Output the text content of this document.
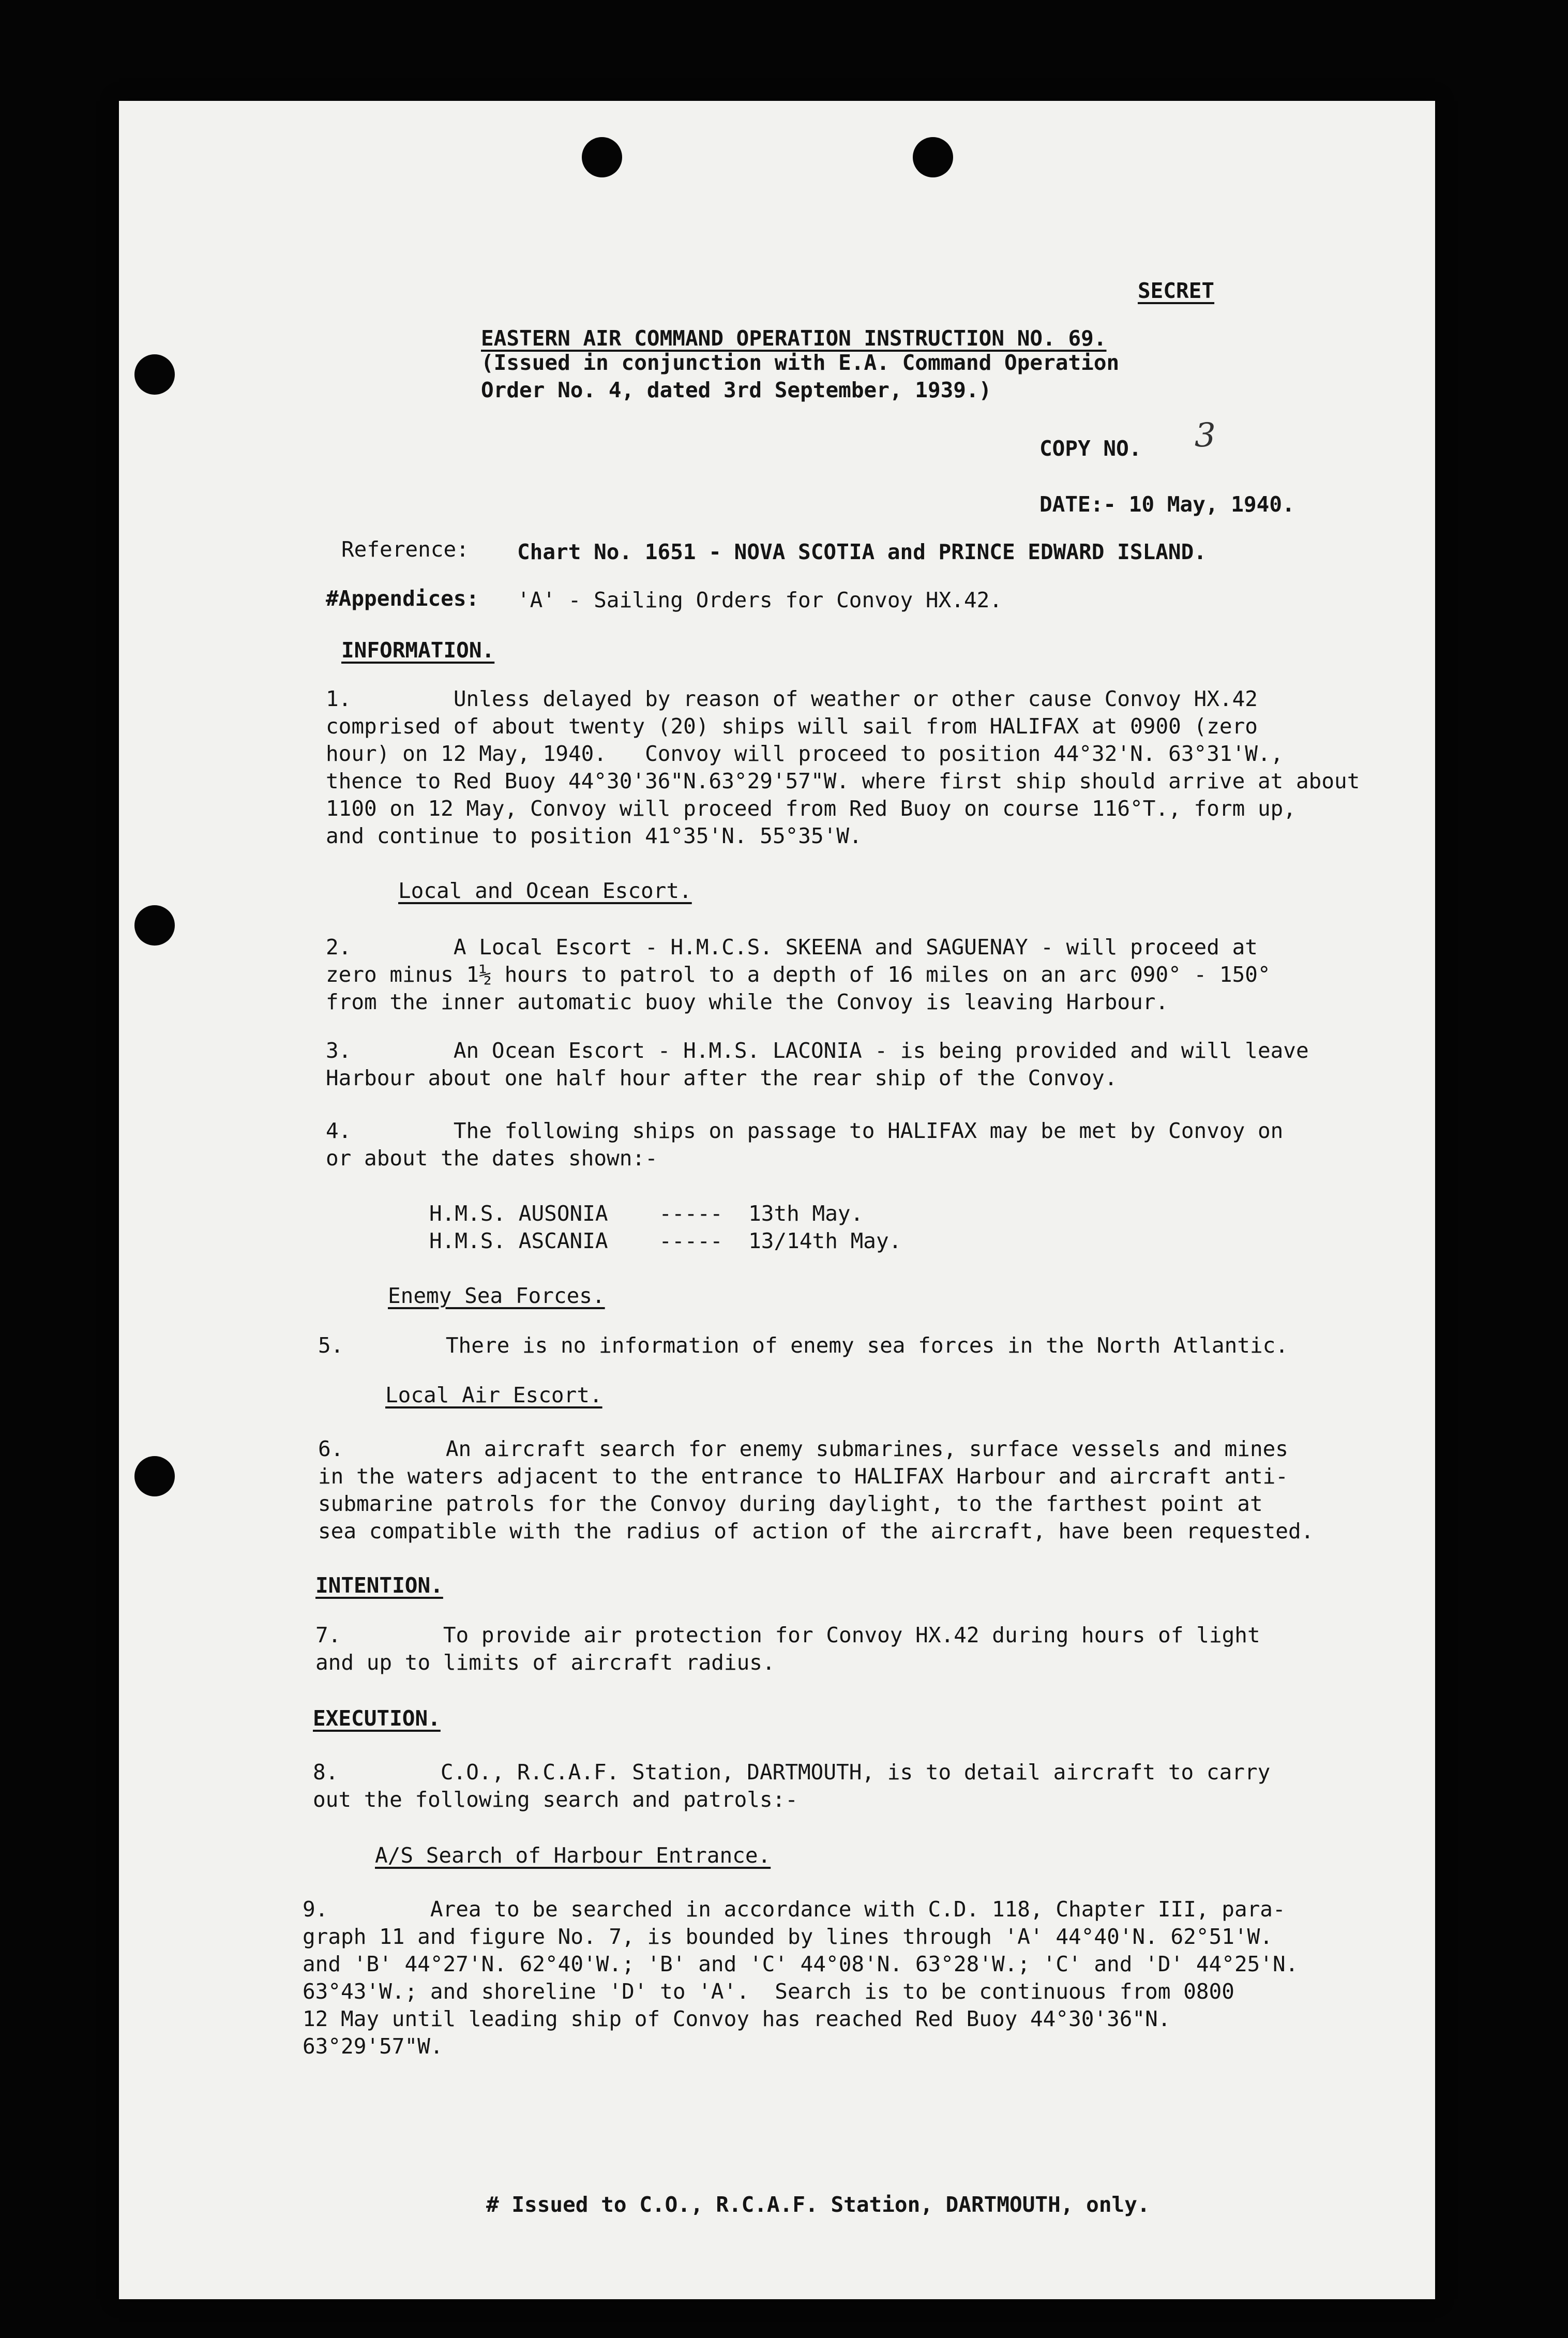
SECRET
EASTERN AIR COMMAND OPERATION INSTRUCTION NO. 69.
(Issued in conjunction with E.A. Command Operation
Order No. 4, dated 3rd September, 1939.)
COPY NO. 3
DATE:- 10 May, 1940.
Reference: Chart No. 1651 - NOVA SCOTIA and PRINCE EDWARD ISLAND.
#Appendices: 'A' - Sailing Orders for Convoy HX.42.
INFORMATION.
1.        Unless delayed by reason of weather or other cause Convoy HX.42
comprised of about twenty (20) ships will sail from HALIFAX at 0900 (zero
hour) on 12 May, 1940.   Convoy will proceed to position 44°32'N. 63°31'W.,
thence to Red Buoy 44°30'36"N.63°29'57"W. where first ship should arrive at about
1100 on 12 May, Convoy will proceed from Red Buoy on course 116°T., form up,
and continue to position 41°35'N. 55°35'W.
Local and Ocean Escort.
2.        A Local Escort - H.M.C.S. SKEENA and SAGUENAY - will proceed at
zero minus 1½ hours to patrol to a depth of 16 miles on an arc 090° - 150°
from the inner automatic buoy while the Convoy is leaving Harbour.
3.        An Ocean Escort - H.M.S. LACONIA - is being provided and will leave
Harbour about one half hour after the rear ship of the Convoy.
4.        The following ships on passage to HALIFAX may be met by Convoy on
or about the dates shown:-
H.M.S. AUSONIA    -----  13th May.
H.M.S. ASCANIA    -----  13/14th May.
Enemy Sea Forces.
5.        There is no information of enemy sea forces in the North Atlantic.
Local Air Escort.
6.        An aircraft search for enemy submarines, surface vessels and mines
in the waters adjacent to the entrance to HALIFAX Harbour and aircraft anti-
submarine patrols for the Convoy during daylight, to the farthest point at
sea compatible with the radius of action of the aircraft, have been requested.
INTENTION.
7.        To provide air protection for Convoy HX.42 during hours of light
and up to limits of aircraft radius.
EXECUTION.
8.        C.O., R.C.A.F. Station, DARTMOUTH, is to detail aircraft to carry
out the following search and patrols:-
A/S Search of Harbour Entrance.
9.        Area to be searched in accordance with C.D. 118, Chapter III, para-
graph 11 and figure No. 7, is bounded by lines through 'A' 44°40'N. 62°51'W.
and 'B' 44°27'N. 62°40'W.; 'B' and 'C' 44°08'N. 63°28'W.; 'C' and 'D' 44°25'N.
63°43'W.; and shoreline 'D' to 'A'.  Search is to be continuous from 0800
12 May until leading ship of Convoy has reached Red Buoy 44°30'36"N.
63°29'57"W.
# Issued to C.O., R.C.A.F. Station, DARTMOUTH, only.
